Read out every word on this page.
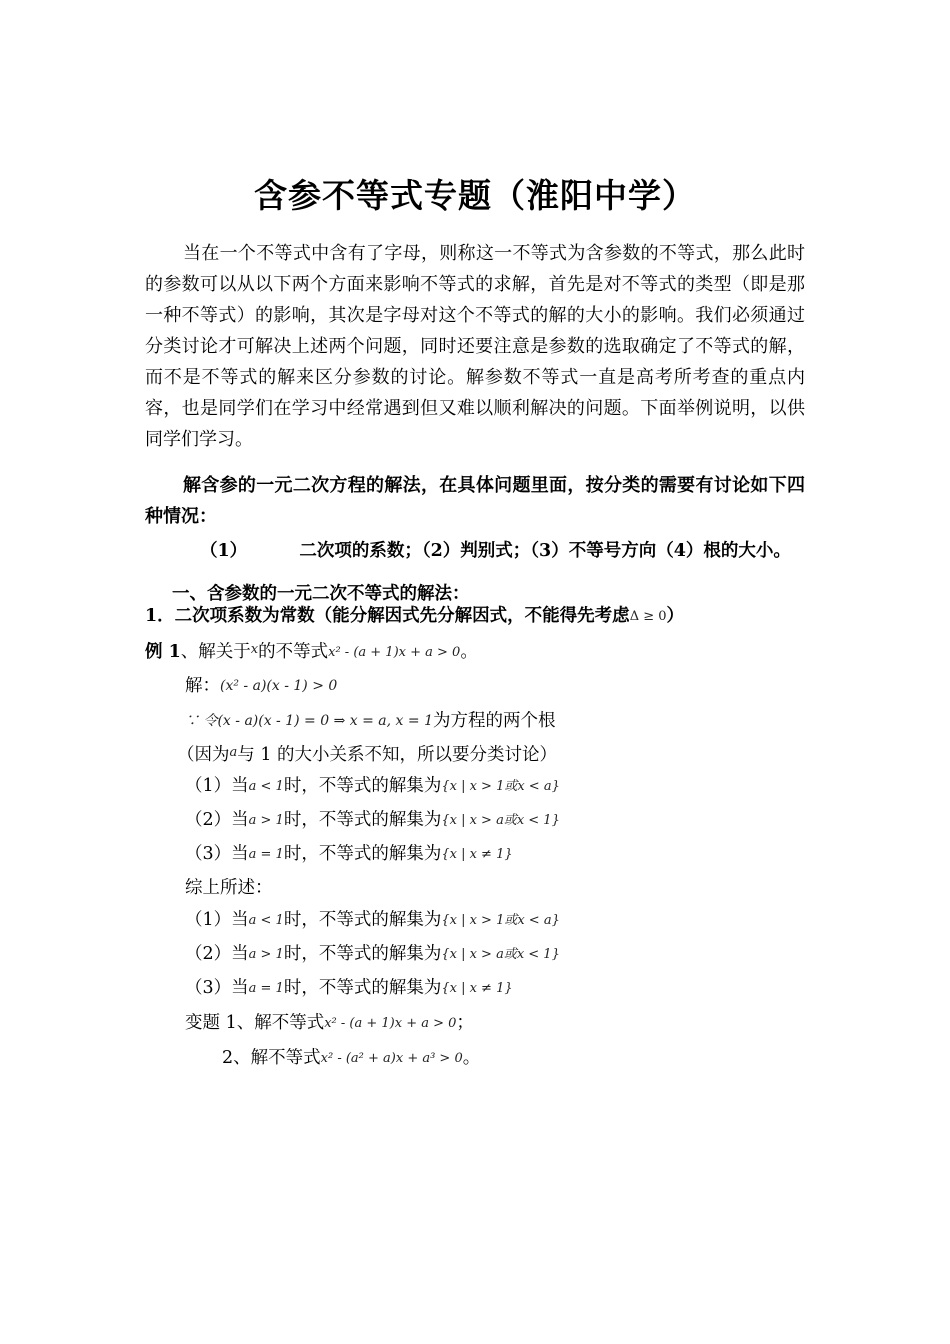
含参不等式专题（淮阳中学）
当在一个不等式中含有了字母，则称这一不等式为含参数的不等式，那么此时的参数可以从以下两个方面来影响不等式的求解，首先是对不等式的类型（即是那一种不等式）的影响，其次是字母对这个不等式的解的大小的影响。我们必须通过分类讨论才可解决上述两个问题，同时还要注意是参数的选取确定了不等式的解，而不是不等式的解来区分参数的讨论。解参数不等式一直是高考所考查的重点内容，也是同学们在学习中经常遇到但又难以顺利解决的问题。下面举例说明，以供同学们学习。
解含参的一元二次方程的解法，在具体问题里面，按分类的需要有讨论如下四种情况：
（1）	二次项的系数；（2）判别式；（3）不等号方向（4）根的大小。
一、含参数的一元二次不等式的解法：
1．二次项系数为常数（能分解因式先分解因式，不能得先考虑Δ ≥ 0）
例 1、解关于$^x$的不等式x² - (a + 1)x + a > 0。
解：(x² - a)(x - 1) > 0
∵ 令(x - a)(x - 1) = 0 ⇒ x = a, x = 1为方程的两个根
（因为$^a$与 1 的大小关系不知，所以要分类讨论）
（1）当a < 1时，不等式的解集为{x | x > 1或x < a}
（2）当a > 1时，不等式的解集为{x | x > a或x < 1}
（3）当a = 1时，不等式的解集为{x | x ≠ 1}
综上所述：
（1）当a < 1时，不等式的解集为{x | x > 1或x < a}
（2）当a > 1时，不等式的解集为{x | x > a或x < 1}
（3）当a = 1时，不等式的解集为{x | x ≠ 1}
变题 1、解不等式x² - (a + 1)x + a > 0；
2、解不等式x² - (a² + a)x + a³ > 0。
